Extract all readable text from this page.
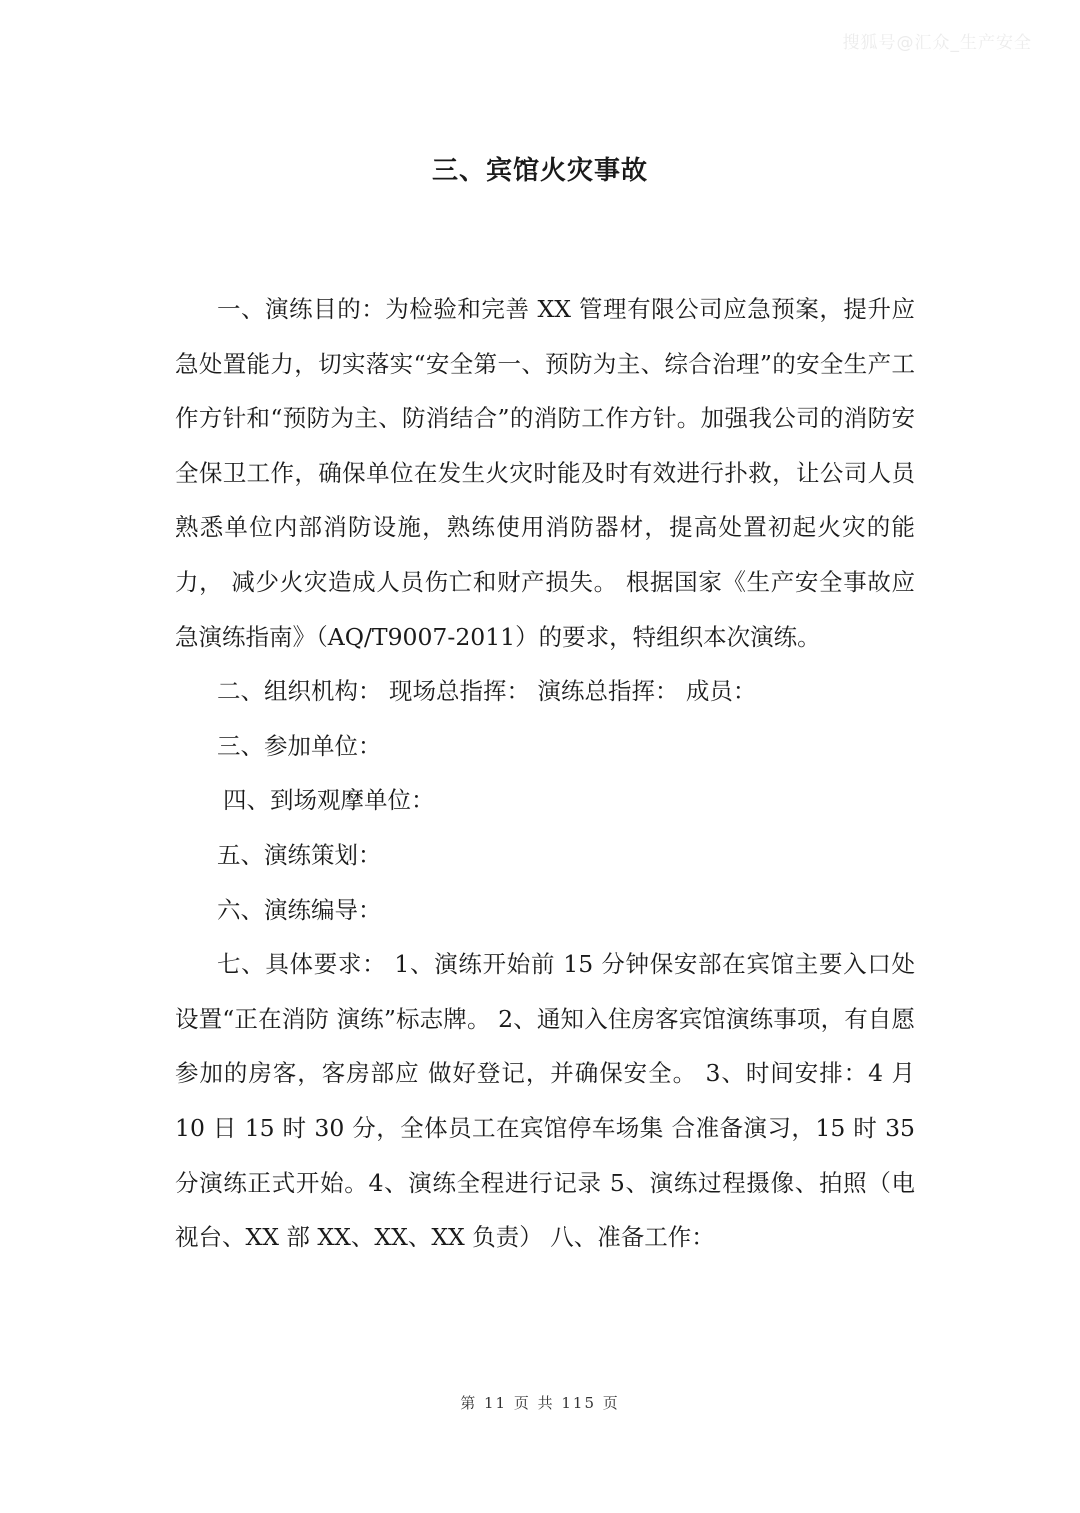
搜狐号@汇众_生产安全
三、宾馆火灾事故

一、演练目的：为检验和完善 XX 管理有限公司应急预案，提升应急处置能力，切实落实“安全第一、预防为主、综合治理”的安全生产工作方针和“预防为主、防消结合”的消防工作方针。加强我公司的消防安全保卫工作，确保单位在发生火灾时能及时有效进行扑救，让公司人员熟悉单位内部消防设施，熟练使用消防器材，提高处置初起火灾的能力， 减少火灾造成人员伤亡和财产损失。 根据国家《生产安全事故应急演练指南》（AQ/T9007-2011）的要求，特组织本次演练。

二、组织机构： 现场总指挥： 演练总指挥： 成员：

三、参加单位：

四、到场观摩单位：

五、演练策划：

六、演练编导：

七、具体要求： 1、演练开始前 15 分钟保安部在宾馆主要入口处设置“正在消防 演练”标志牌。 2、通知入住房客宾馆演练事项，有自愿参加的房客，客房部应 做好登记，并确保安全。 3、时间安排：4 月 10 日 15 时 30 分，全体员工在宾馆停车场集 合准备演习，15 时 35 分演练正式开始。4、演练全程进行记录 5、演练过程摄像、拍照（电视台、XX 部 XX、XX、XX 负责） 八、准备工作：

第 11 页 共 115 页
